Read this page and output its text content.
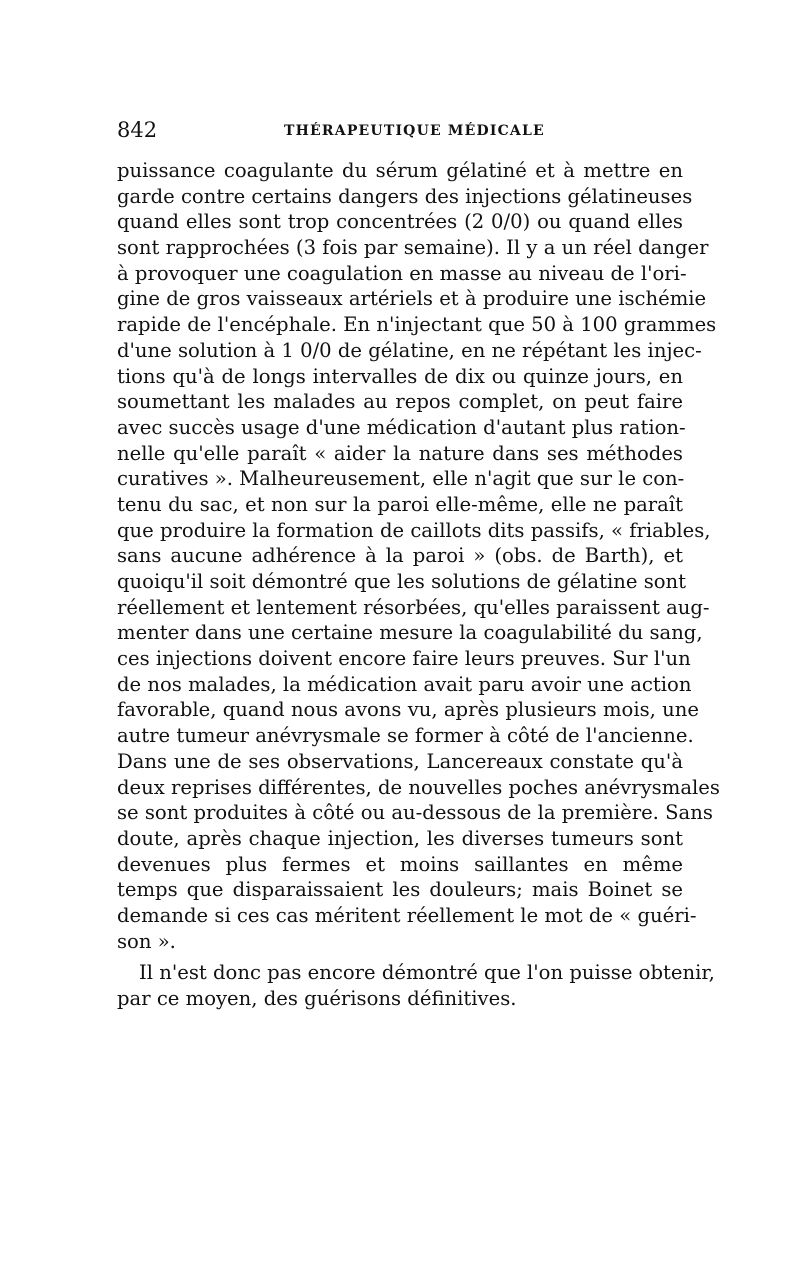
842	THÉRAPEUTIQUE MÉDICALE
puissance coagulante du sérum gélatiné et à mettre en
garde contre certains dangers des injections gélatineuses
quand elles sont trop concentrées (2 0/0) ou quand elles
sont rapprochées (3 fois par semaine). Il y a un réel danger
à provoquer une coagulation en masse au niveau de l'ori-
gine de gros vaisseaux artériels et à produire une ischémie
rapide de l'encéphale. En n'injectant que 50 à 100 grammes
d'une solution à 1 0/0 de gélatine, en ne répétant les injec-
tions qu'à de longs intervalles de dix ou quinze jours, en
soumettant les malades au repos complet, on peut faire
avec succès usage d'une médication d'autant plus ration-
nelle qu'elle paraît « aider la nature dans ses méthodes
curatives ». Malheureusement, elle n'agit que sur le con-
tenu du sac, et non sur la paroi elle-même, elle ne paraît
que produire la formation de caillots dits passifs, « friables,
sans aucune adhérence à la paroi » (obs. de Barth), et
quoiqu'il soit démontré que les solutions de gélatine sont
réellement et lentement résorbées, qu'elles paraissent aug-
menter dans une certaine mesure la coagulabilité du sang,
ces injections doivent encore faire leurs preuves. Sur l'un
de nos malades, la médication avait paru avoir une action
favorable, quand nous avons vu, après plusieurs mois, une
autre tumeur anévrysmale se former à côté de l'ancienne.
Dans une de ses observations, Lancereaux constate qu'à
deux reprises différentes, de nouvelles poches anévrysmales
se sont produites à côté ou au-dessous de la première. Sans
doute, après chaque injection, les diverses tumeurs sont
devenues plus fermes et moins saillantes en même
temps que disparaissaient les douleurs; mais Boinet se
demande si ces cas méritent réellement le mot de « guéri-
son ».
Il n'est donc pas encore démontré que l'on puisse obtenir,
par ce moyen, des guérisons définitives.
